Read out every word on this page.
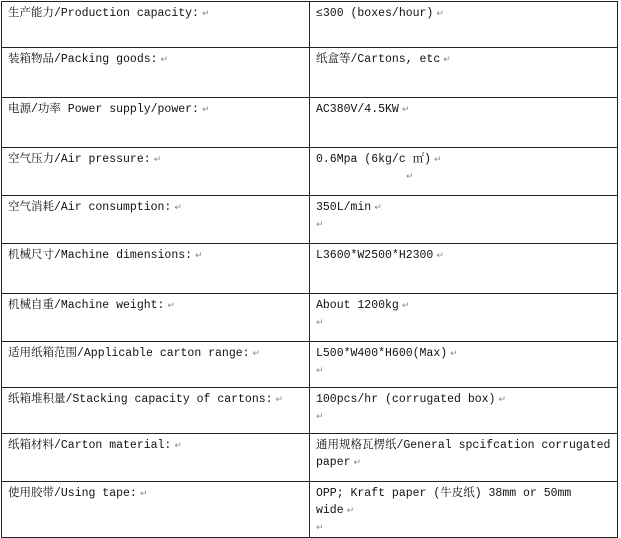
生产能力/Production capacity: ↵	≤300 (boxes/hour) ↵
装箱物品/Packing goods: ↵	纸盒等/Cartons, etc ↵
电源/功率 Power supply/power: ↵	AC380V/4.5KW ↵
空气压力/Air pressure: ↵	0.6Mpa (6kg/c ㎡) ↵
↵

空气消耗/Air consumption: ↵	350L/min ↵
↵

机械尺寸/Machine dimensions: ↵	L3600*W2500*H2300 ↵
机械自重/Machine weight: ↵	About 1200kg ↵
↵

适用纸箱范围/Applicable carton range: ↵	L500*W400*H600(Max) ↵
↵

纸箱堆积量/Stacking capacity of cartons: ↵	100pcs/hr (corrugated box) ↵
↵

纸箱材料/Carton material: ↵	通用规格瓦楞纸/General spcifcation corrugated paper ↵
使用胶带/Using tape: ↵	OPP; Kraft paper (牛皮纸) 38mm or 50mm wide ↵
↵
